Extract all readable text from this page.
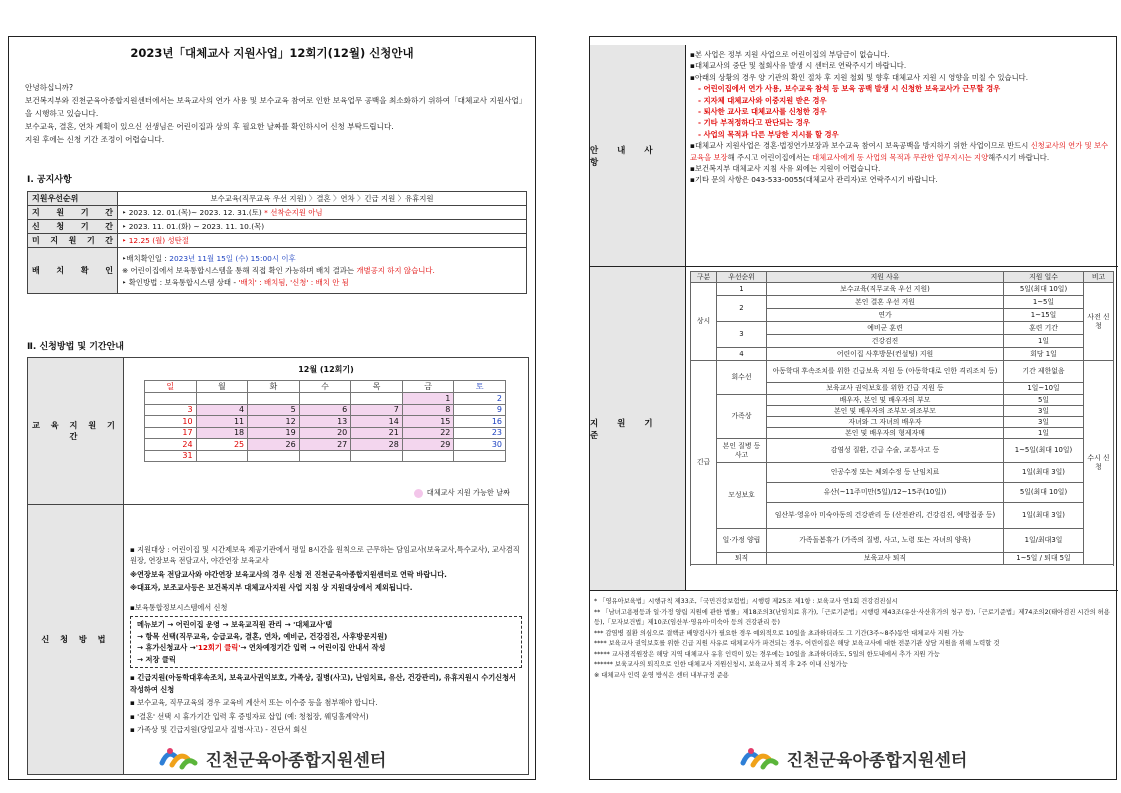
2023년「대체교사 지원사업」12회기(12월) 신청안내
안녕하십니까?
보건복지부와 진천군육아종합지원센터에서는 보육교사의 연가 사용 및 보수교육 참여로 인한 보육업무 공백을 최소화하기 위하여「대체교사 지원사업」을 시행하고 있습니다.
보수교육, 결혼, 연차 계획이 있으신 선생님은 어린이집과 상의 후 필요한 날짜를 확인하시어 신청 부탁드립니다.
지원 후에는 신청 기간 조정이 어렵습니다.
Ⅰ. 공지사항
지원우선순위	보수교육(직무교육 우선 지원) 〉결혼 〉연차 〉긴급 지원 〉유휴지원
지 원 기 간	‣ 2023. 12. 01.(목)~ 2023. 12. 31.(토) * 선착순지원 아님
신 청 기 간	‣ 2023. 11. 01.(화) ~ 2023. 11. 10.(목)
미 지 원 기 간	‣ 12.25 (월) 성탄절
배 치 확 인	‣배치확인일 : 2023년 11월 15일 (수) 15:00시 이후
※ 어린이집에서 보육통합시스템을 통해 직접 확인 가능하며 배치 결과는 개별공지 하지 않습니다.
‣ 확인방법 : 보육통합시스템 상태 - '배치' : 배치됨, '신청' : 배치 안 됨
Ⅱ. 신청방법 및 기간안내
교 육 지 원 기 간	
12월 (12회기)
일	월	화	수	목	금	토
					1	2
3	4	5	6	7	8	9
10	11	12	13	14	15	16
17	18	19	20	21	22	23
24	25	26	27	28	29	30
31						
대체교사 지원 가능한 날짜

신 청 방 법	
▪ 지원대상 : 어린이집 및 시간제보육 제공기관에서 평일 8시간을 원칙으로 근무하는 담임교사(보육교사,특수교사), 교사겸직원장, 연장보육 전담교사, 야간연장 보육교사
※연장보육 전담교사와 야간연장 보육교사의 경우 신청 전 진천군육아종합지원센터로 연락 바랍니다.
※대표자, 보조교사등은 보건복지부 대체교사지원 사업 지침 상 지원대상에서 제외됩니다.
▪보육통합정보시스템에서 신청
메뉴보기 → 어린이집 운영 → 보육교직원 관리 → '대체교사'탭
→ 항목 선택(직무교육, 승급교육, 결혼, 연차, 예비군, 건강검진, 사후방문지원)
→ 휴가신청교사 →'12회기 클릭'→ 연차예정기간 입력 → 어린이집 안내서 작성
→ 저장 클릭
▪ 긴급지원(아동학대후속조치, 보육교사권익보호, 가족상, 질병(사고), 난임치료, 유산, 건강관리), 유휴지원시 수기신청서 작성하여 신청
▪ 보수교육, 직무교육의 경우 교육비 계산서 또는 이수증 등을 첨부해야 합니다.
▪ '결혼' 선택 시 휴가기간 입력 후 증빙자료 삽입 (예: 청첩장, 웨딩홀계약서)
▪ 가족상 및 긴급지원(당일교사 질병·사고) - 진단서 회신
진천군육아종합지원센터
안 내 사 항
▪본 사업은 정부 지원 사업으로 어린이집의 부담금이 없습니다.
▪대체교사의 중단 및 철회사유 발생 시 센터로 연락주시기 바랍니다.
▪아래의 상황의 경우 양 기관의 확인 절차 후 지원 철회 및 향후 대체교사 지원 시 영향을 미칠 수 있습니다.
- 어린이집에서 연가 사용, 보수교육 참석 등 보육 공백 발생 시 신청한 보육교사가 근무할 경우
- 지자체 대체교사와 이중지원 받은 경우
- 퇴사한 교사로 대체교사를 신청한 경우
- 기타 부적정하다고 판단되는 경우
- 사업의 목적과 다른 부당한 지시를 할 경우
▪대체교사 지원사업은 경혼·법정연가보장과 보수교육 참여시 보육공백을 방지하기 위한 사업이므로 반드시 신청교사의 연가 및 보수교육을 보장해 주시고 어린이집에서는 대체교사에게 동 사업의 목적과 무관한 업무지시는 지양해주시기 바랍니다.
▪보건복지부 대체교사 지침 사유 외에는 지원이 어렵습니다.
▪기타 문의 사항은 043-533-0055(대체교사 관리자)로 연락주시기 바랍니다.
지 원 기 준
구분	우선순위	지원 사유	지원 일수	비고
상시	1	보수교육(직무교육 우선 지원)	5일(최대 10일)	사전 신청
	2	본인 결혼 우선 지원	1~5일	
		연가	1~15일	
	3	예비군 훈련	훈련 기간	
		건강검진	1일	
	4	어린이집 사후방문(컨설팅) 지원	회당 1일	

긴급	회수선	아동학대 후속조치를 위한 긴급보육 지원 등 (아동학대로 인한 격리조치 등)	기간 제한없음	수시 신청
		보육교사 권익보호를 위한 긴급 지원 등	1일~10일	
	가족상	배우자, 본인 및 배우자의 부모	5일	
		본인 및 배우자의 조부모·외조부모	3일	
		자녀와 그 자녀의 배우자	3일	
		본인 및 배우자의 형제자매	1일	
	본인 질병 등 사고	감염성 질환, 긴급 수술, 교통사고 등	1~5일(최대 10일)	
	모성보호	인공수정 또는 체외수정 등 난임치료	1일(최대 3일)	
		유산(~11주미만(5일)/12~15주(10일))	5일(최대 10일)	
		임산부·영유아 미숙아동의 건강관리 등 (산전관리, 건강검진, 예방접종 등)	1일(최대 3일)	
	일·가정 양립	가족돌봄휴가 (가족의 질병, 사고, 노령 또는 자녀의 양육)	1일/최대3일	
	퇴직	보육교사 퇴직	1~5일 / 퇴대 5일	

* 「영유아보육법」시행규칙 제33조,「국민건강보험법」시행령 제25조 제1항 : 보육교사 연1회 건강검진실시
** 「남녀고용평등과 일·가정 양립 지원에 관한 법률」제18조의3(난임치료 휴가),「근로기준법」시행령 제43조(유산·사산휴가의 청구 등),「근로기준법」제74조의2(태아검진 시간의 허용 등),「모자보건법」제10조(임산부·영유아·미숙아 등의 건강관리 등)
*** 감염병 질환 의심으로 결핵균 배양검사가 필요한 경우 예외적으로 10일을 초과하더라도 그 기간(3주~8주)동안 대체교사 지원 가능
**** 보육교사 권익보호를 위한 긴급 지원 사유로 대체교사가 파견되는 경우, 어린이집은 해당 보육교사에 대한 전문기관 상담 지원을 위해 노력할 것
***** 교사겸직원장은 해당 지역 대체교사 유휴 인력이 있는 경우에는 10일을 초과하더라도, 5일의 한도내에서 추가 지원 가능
****** 보육교사의 퇴직으로 인한 대체교사 지원신청시, 보육교사 퇴직 후 2주 이내 신청가능
※ 대체교사 인력 운영 방식은 센터 내부규정 준용
진천군육아종합지원센터
